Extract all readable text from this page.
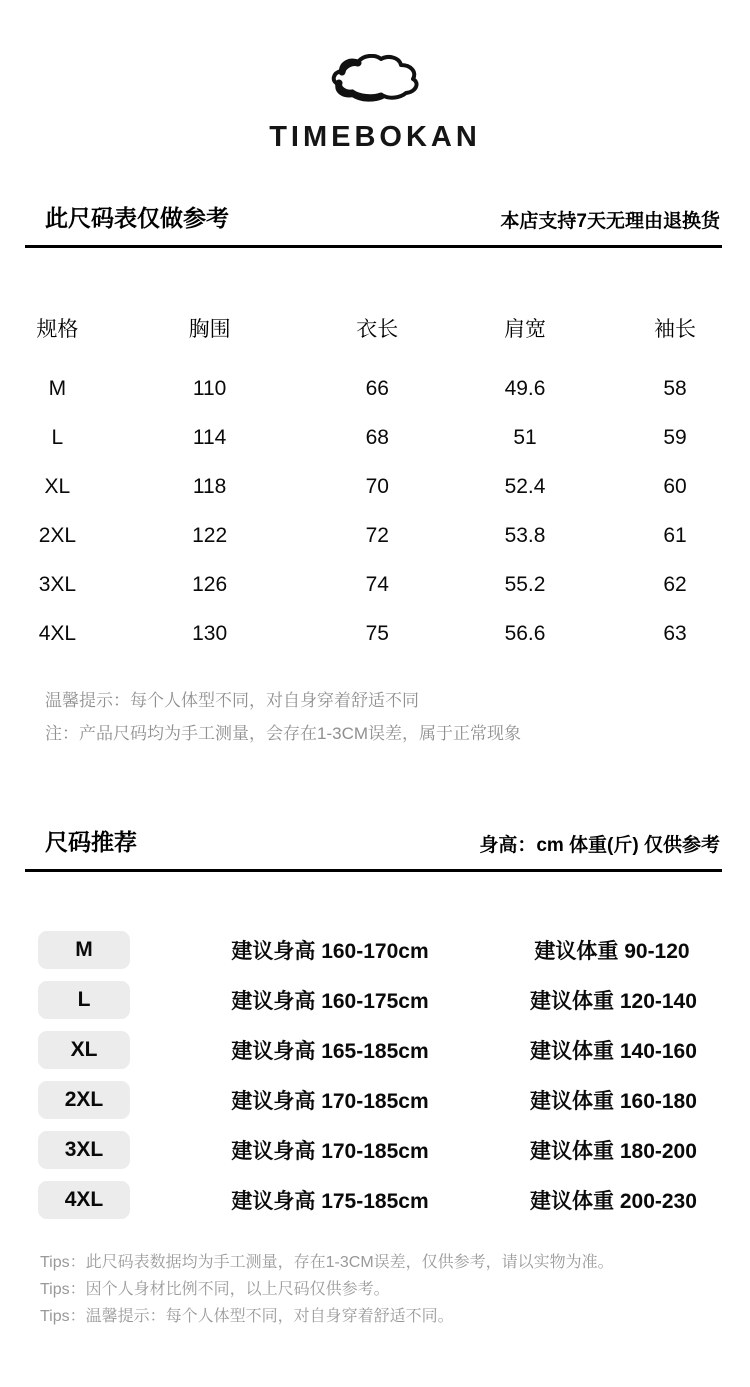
TIMEBOKAN
此尺码表仅做参考	本店支持7天无理由退换货
规格	胸围	衣长	肩宽	袖长
M	110	66	49.6	58
L	114	68	51	59
XL	118	70	52.4	60
2XL	122	72	53.8	61
3XL	126	74	55.2	62
4XL	130	75	56.6	63

温馨提示：每个人体型不同，对自身穿着舒适不同

注：产品尺码均为手工测量，会存在1-3CM误差，属于正常现象

尺码推荐	身高：cm 体重(斤) 仅供参考
M	建议身高 160-170cm	建议体重 90-120
L	建议身高 160-175cm	建议体重 120-140
XL	建议身高 165-185cm	建议体重 140-160
2XL	建议身高 170-185cm	建议体重 160-180
3XL	建议身高 170-185cm	建议体重 180-200
4XL	建议身高 175-185cm	建议体重 200-230

Tips：此尺码表数据均为手工测量，存在1-3CM误差，仅供参考，请以实物为准。

Tips：因个人身材比例不同，以上尺码仅供参考。

Tips：温馨提示：每个人体型不同，对自身穿着舒适不同。
